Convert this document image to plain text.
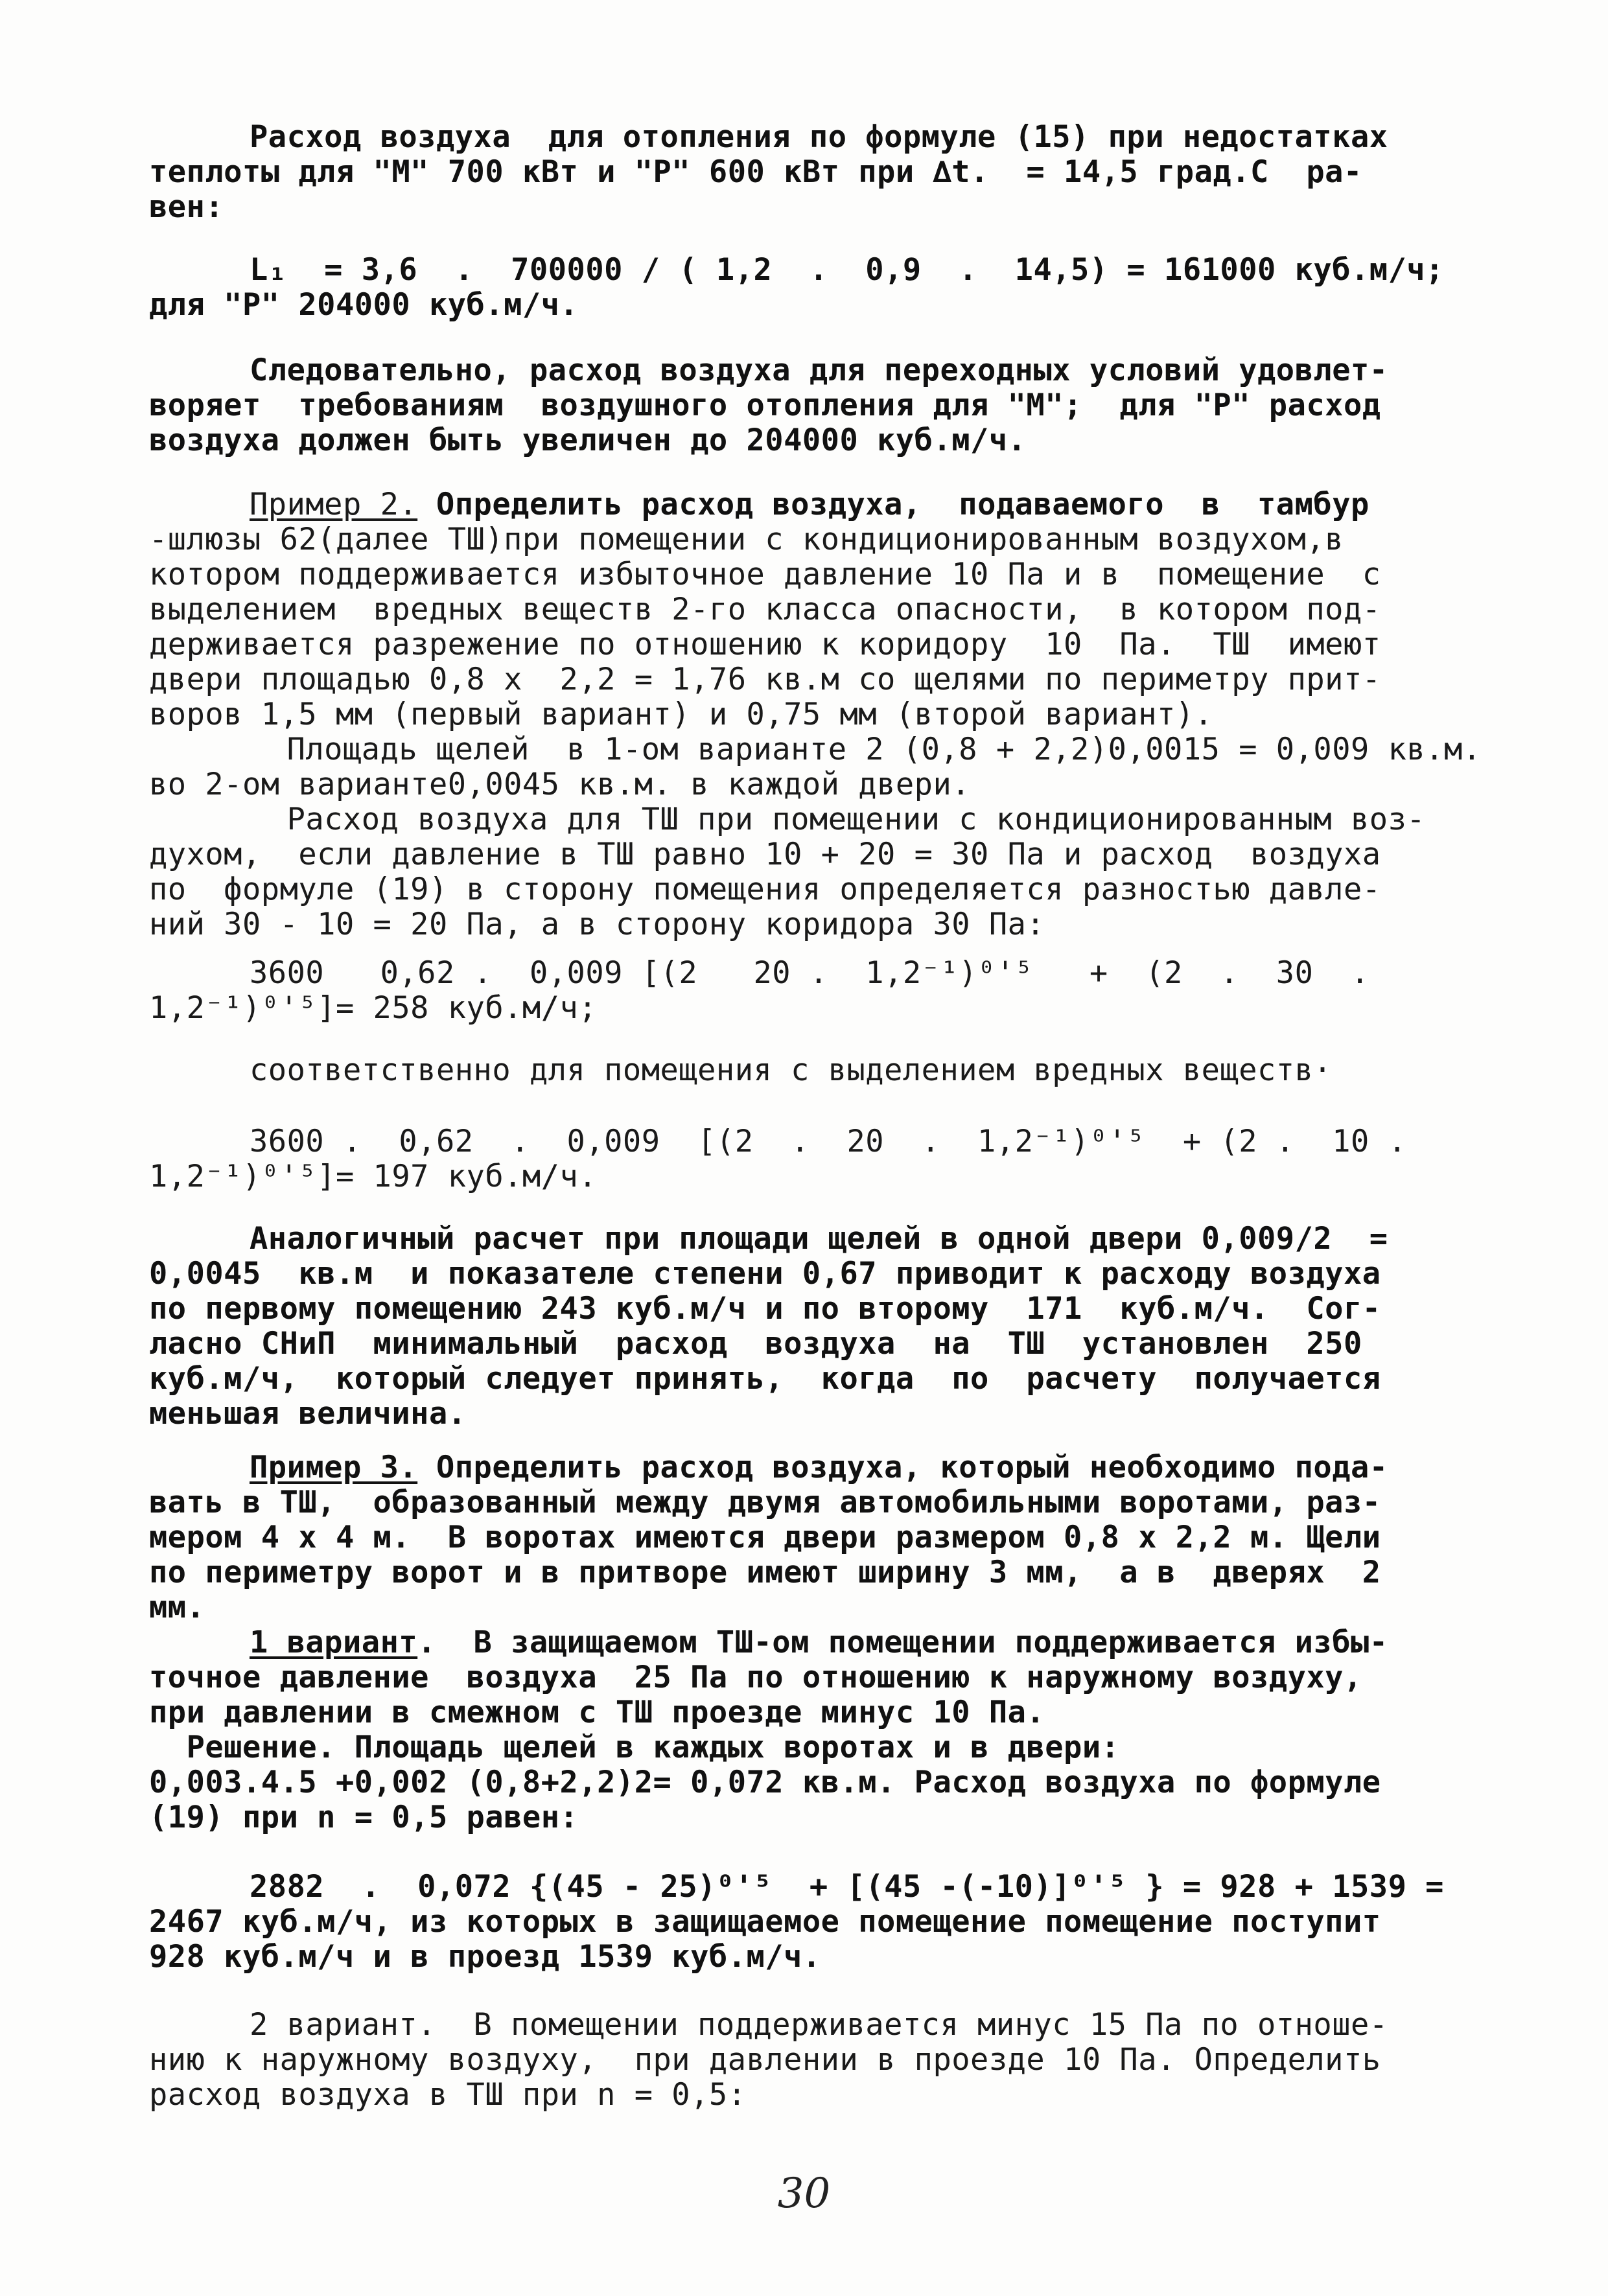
Расход воздуха  для отопления по формуле (15) при недостатках
теплоты для "М" 700 кВт и "Р" 600 кВт при ∆t.  = 14,5 град.С  ра-
вен:
L₁  = 3,6  .  700000 / ( 1,2  .  0,9  .  14,5) = 161000 куб.м/ч;
для "Р" 204000 куб.м/ч.
Следовательно, расход воздуха для переходных условий удовлет-
воряет  требованиям  воздушного отопления для "М";  для "Р" расход
воздуха должен быть увеличен до 204000 куб.м/ч.
Пример 2. Определить расход воздуха,  подаваемого  в  тамбур
-шлюзы 62(далее ТШ)при помещении с кондиционированным воздухом,в
котором поддерживается избыточное давление 10 Па и в  помещение  с
выделением  вредных веществ 2-го класса опасности,  в котором под-
держивается разрежение по отношению к коридору  10  Па.  ТШ  имеют
двери площадью 0,8 х  2,2 = 1,76 кв.м со щелями по периметру прит-
воров 1,5 мм (первый вариант) и 0,75 мм (второй вариант).
Площадь щелей  в 1-ом варианте 2 (0,8 + 2,2)0,0015 = 0,009 кв.м.
во 2-ом варианте0,0045 кв.м. в каждой двери.
Расход воздуха для ТШ при помещении с кондиционированным воз-
духом,  если давление в ТШ равно 10 + 20 = 30 Па и расход  воздуха
по  формуле (19) в сторону помещения определяется разностью давле-
ний 30 - 10 = 20 Па, а в сторону коридора 30 Па:
3600   0,62 .  0,009 [(2   20 .  1,2⁻¹)⁰'⁵   +  (2  .  30  .
1,2⁻¹)⁰'⁵]= 258 куб.м/ч;
соответственно для помещения с выделением вредных веществ·
3600 .  0,62  .  0,009  [(2  .  20  .  1,2⁻¹)⁰'⁵  + (2 .  10 .
1,2⁻¹)⁰'⁵]= 197 куб.м/ч.
Аналогичный расчет при площади щелей в одной двери 0,009/2  =
0,0045  кв.м  и показателе степени 0,67 приводит к расходу воздуха
по первому помещению 243 куб.м/ч и по второму  171  куб.м/ч.  Сог-
ласно СНиП  минимальный  расход  воздуха  на  ТШ  установлен  250
куб.м/ч,  который следует принять,  когда  по  расчету  получается
меньшая величина.
Пример 3. Определить расход воздуха, который необходимо пода-
вать в ТШ,  образованный между двумя автомобильными воротами, раз-
мером 4 х 4 м.  В воротах имеются двери размером 0,8 х 2,2 м. Щели
по периметру ворот и в притворе имеют ширину 3 мм,  а в  дверях  2
мм.
1 вариант.  В защищаемом ТШ-ом помещении поддерживается избы-
точное давление  воздуха  25 Па по отношению к наружному воздуху,
при давлении в смежном с ТШ проезде минус 10 Па.
Решение. Площадь щелей в каждых воротах и в двери:
0,003.4.5 +0,002 (0,8+2,2)2= 0,072 кв.м. Расход воздуха по формуле
(19) при n = 0,5 равен:
2882  .  0,072 {(45 - 25)⁰'⁵  + [(45 -(-10)]⁰'⁵ } = 928 + 1539 =
2467 куб.м/ч, из которых в защищаемое помещение помещение поступит
928 куб.м/ч и в проезд 1539 куб.м/ч.
2 вариант.  В помещении поддерживается минус 15 Па по отноше-
нию к наружному воздуху,  при давлении в проезде 10 Па. Определить
расход воздуха в ТШ при n = 0,5:
30
